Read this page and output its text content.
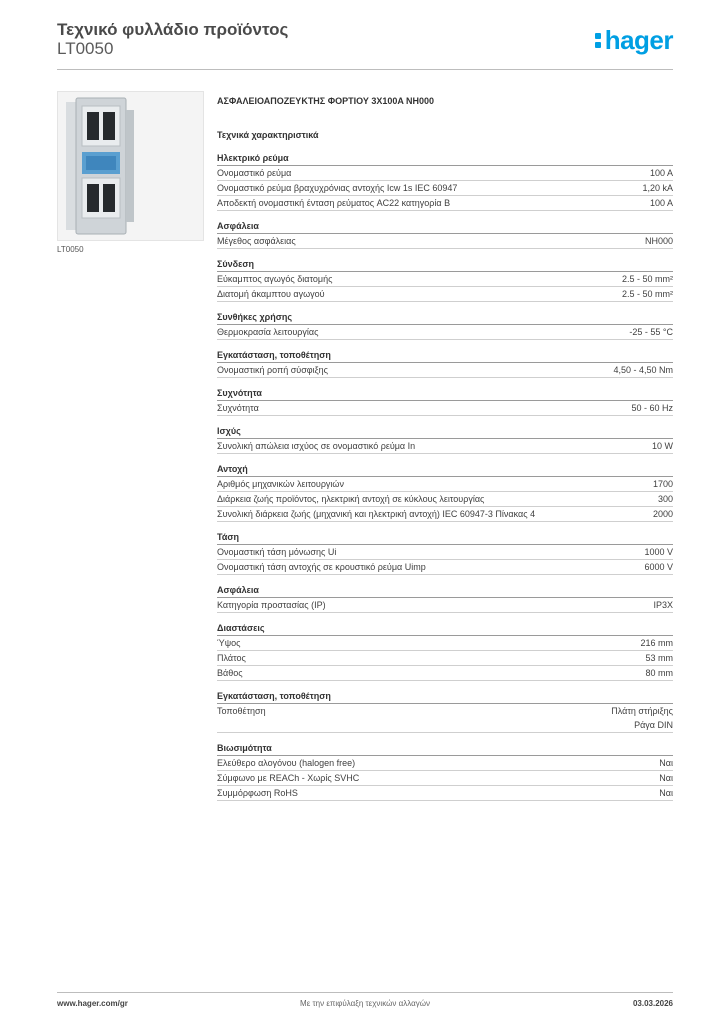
Τεχνικό φυλλάδιο προϊόντος
LT0050	hager
LT0050
ΑΣΦΑΛΕΙΟΑΠΟΖΕΥΚΤΗΣ ΦΟΡΤΙΟΥ 3X100A NH000
Τεχνικά χαρακτηριστικά
Ηλεκτρικό ρεύμα
Ονομαστικό ρεύμα	100 A
Ονομαστικό ρεύμα βραχυχρόνιας αντοχής Icw 1s IEC 60947	1,20 kA
Αποδεκτή ονομαστική ένταση ρεύματος AC22 κατηγορία B	100 A
Ασφάλεια
Μέγεθος ασφάλειας	NH000
Σύνδεση
Εύκαμπτος αγωγός διατομής	2.5 - 50 mm²
Διατομή άκαμπτου αγωγού	2.5 - 50 mm²
Συνθήκες χρήσης
Θερμοκρασία λειτουργίας	-25 - 55 °C
Εγκατάσταση, τοποθέτηση
Ονομαστική ροπή σύσφιξης	4,50 - 4,50 Nm
Συχνότητα
Συχνότητα	50 - 60 Hz
Ισχύς
Συνολική απώλεια ισχύος σε ονομαστικό ρεύμα In	10 W
Αντοχή
Αριθμός μηχανικών λειτουργιών	1700
Διάρκεια ζωής προϊόντος, ηλεκτρική αντοχή σε κύκλους λειτουργίας	300
Συνολική διάρκεια ζωής (μηχανική και ηλεκτρική αντοχή) IEC 60947-3 Πίνακας 4	2000
Τάση
Ονομαστική τάση μόνωσης Ui	1000 V
Ονομαστική τάση αντοχής σε κρουστικό ρεύμα Uimp	6000 V
Ασφάλεια
Κατηγορία προστασίας (IP)	IP3X
Διαστάσεις
Ύψος	216 mm
Πλάτος	53 mm
Βάθος	80 mm
Εγκατάσταση, τοποθέτηση
Τοποθέτηση	Πλάτη στήριξης
Ράγα DIN
Βιωσιμότητα
Ελεύθερο αλογόνου (halogen free)	Ναι
Σύμφωνο με REACh - Χωρίς SVHC	Ναι
Συμμόρφωση RoHS	Ναι
Με την επιφύλαξη τεχνικών αλλαγών
www.hager.com/gr	03.03.2026
